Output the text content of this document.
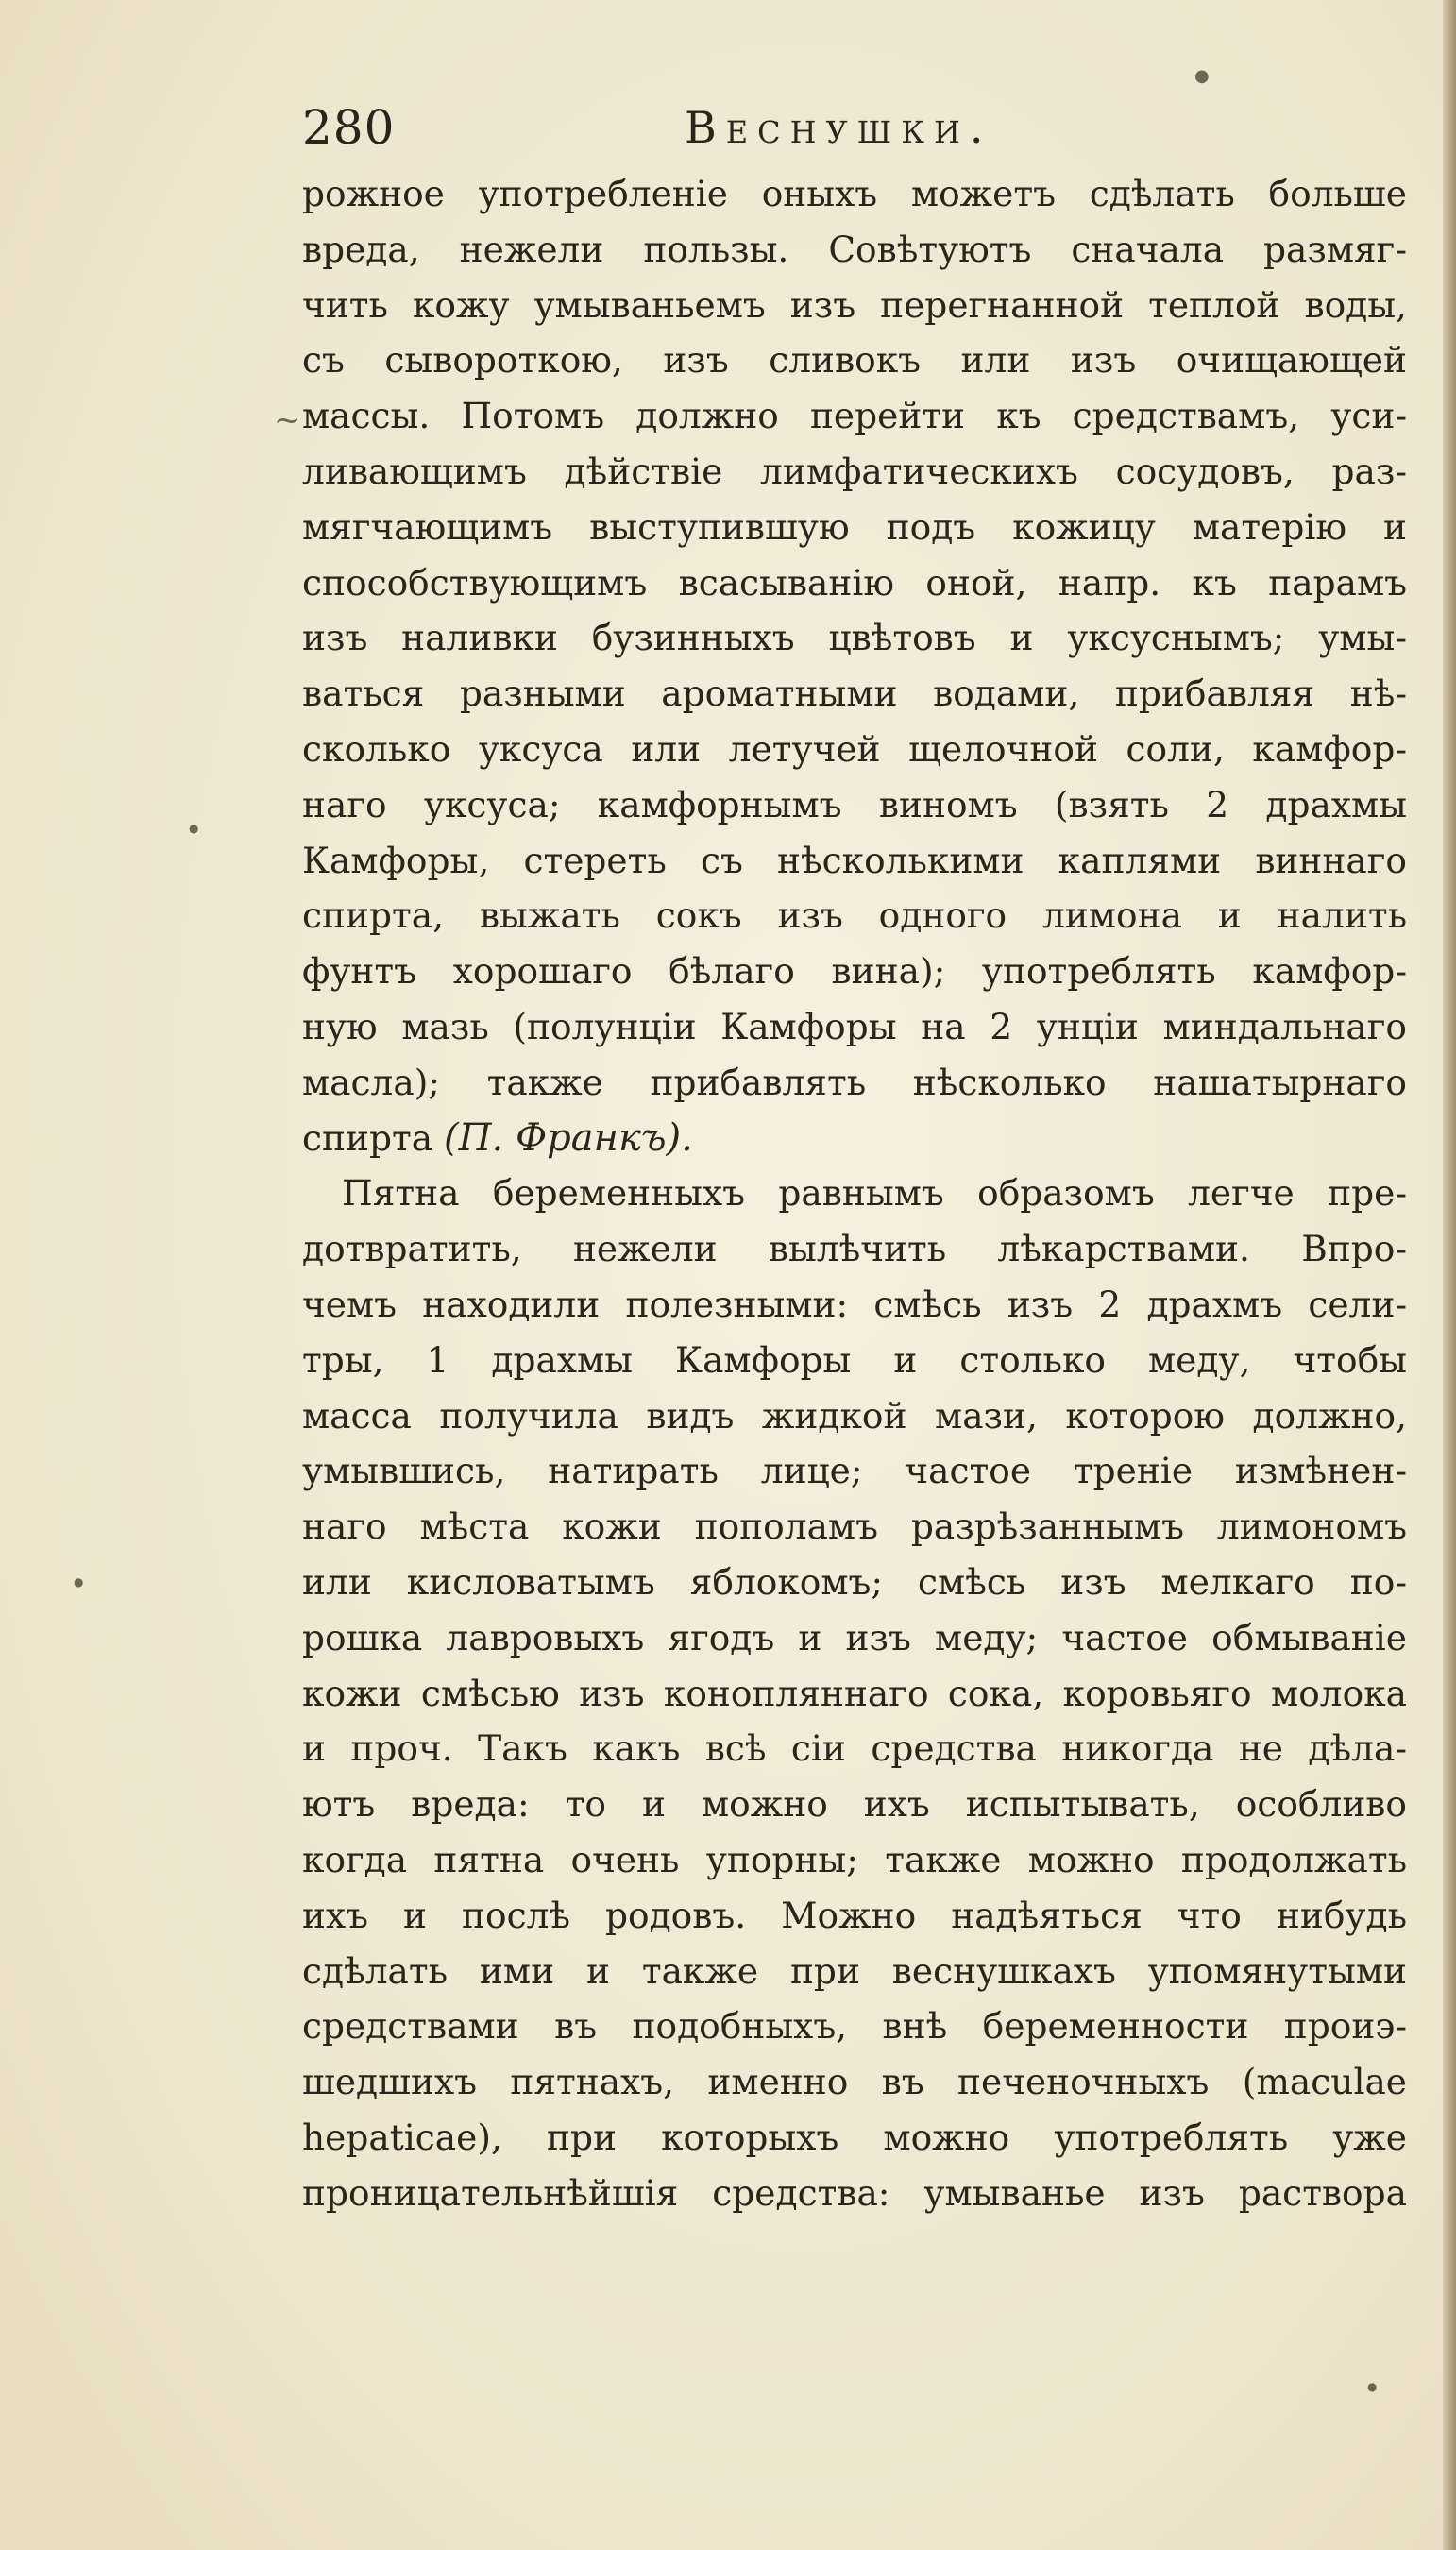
280	Веснушки.
рожное употребленіе оныхъ можетъ сдѣлать больше
вреда, нежели пользы. Совѣтуютъ сначала размяг-
чить кожу умываньемъ изъ перегнанной теплой воды,
съ сывороткою, изъ сливокъ или изъ очищающей
массы. Потомъ должно перейти къ средствамъ, уси-
ливающимъ дѣйствіе лимфатическихъ сосудовъ, раз-
мягчающимъ выступившую подъ кожицу матерію и
способствующимъ всасыванію оной, напр. къ парамъ
изъ наливки бузинныхъ цвѣтовъ и уксуснымъ; умы-
ваться разными ароматными водами, прибавляя нѣ-
сколько уксуса или летучей щелочной соли, камфор-
наго уксуса; камфорнымъ виномъ (взять 2 драхмы
Камфоры, стереть съ нѣсколькими каплями виннаго
спирта, выжать сокъ изъ одного лимона и налить
фунтъ хорошаго бѣлаго вина); употреблять камфор-
ную мазь (полунціи Камфоры на 2 унціи миндальнаго
масла); также прибавлять нѣсколько нашатырнаго
спирта (П. Франкъ).
Пятна беременныхъ равнымъ образомъ легче пре-
дотвратить, нежели вылѣчить лѣкарствами. Впро-
чемъ находили полезными: смѣсь изъ 2 драхмъ сели-
тры, 1 драхмы Камфоры и столько меду, чтобы
масса получила видъ жидкой мази, которою должно,
умывшись, натирать лице; частое треніе измѣнен-
наго мѣста кожи пополамъ разрѣзаннымъ лимономъ
или кисловатымъ яблокомъ; смѣсь изъ мелкаго по-
рошка лавровыхъ ягодъ и изъ меду; частое обмываніе
кожи смѣсью изъ конопляннаго сока, коровьяго молока
и проч. Такъ какъ всѣ сіи средства никогда не дѣла-
ютъ вреда: то и можно ихъ испытывать, особливо
когда пятна очень упорны; также можно продолжать
ихъ и послѣ родовъ. Можно надѣяться что нибудь
сдѣлать ими и также при веснушкахъ упомянутыми
средствами въ подобныхъ, внѣ беременности проиэ-
шедшихъ пятнахъ, именно въ печеночныхъ (maculae
hepaticae), при которыхъ можно употреблять уже
проницательнѣйшія средства: умыванье изъ раствора
~
●
●
●
●
